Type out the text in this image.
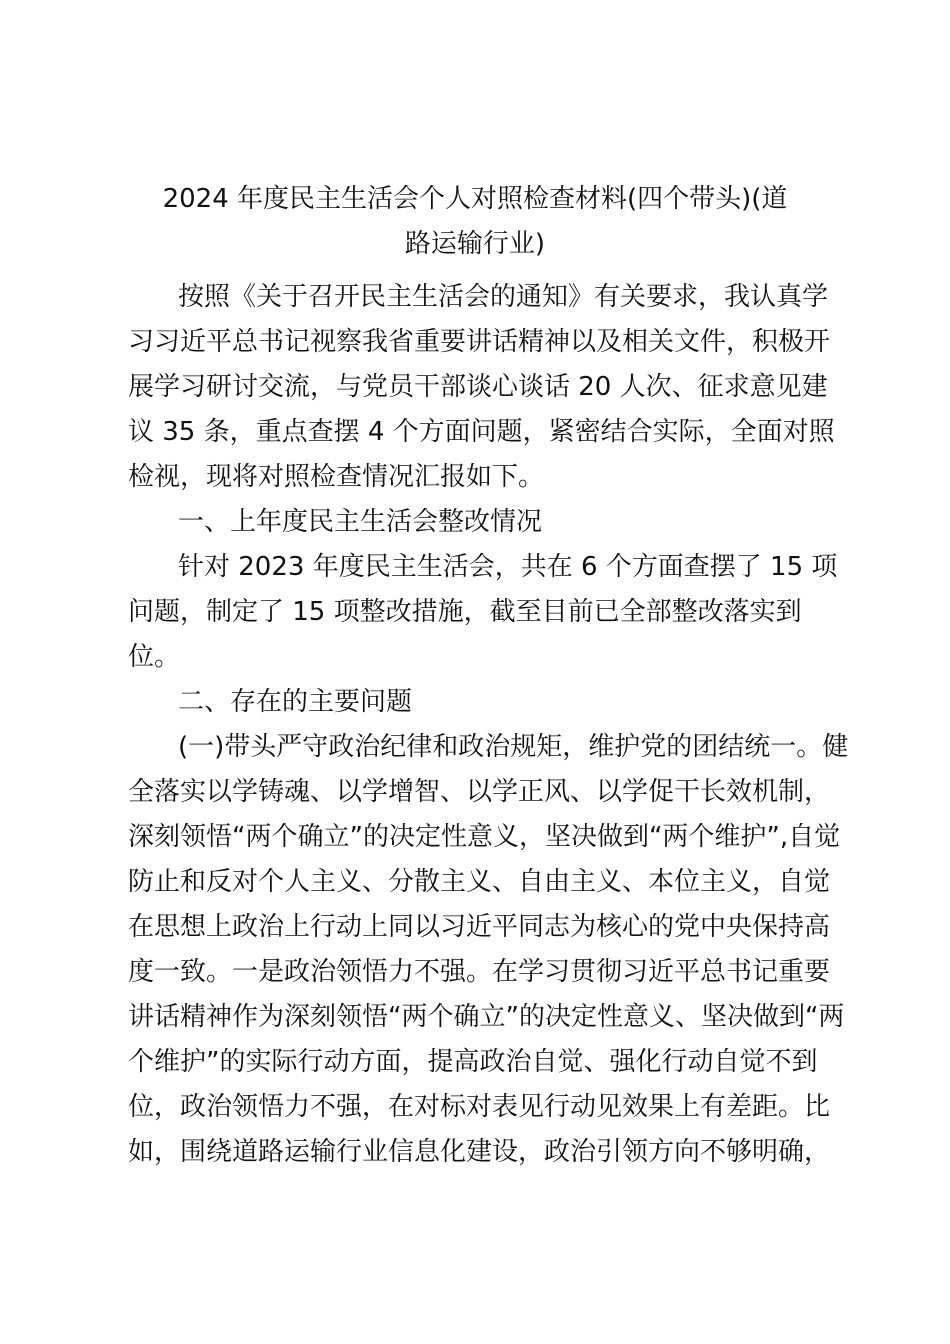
2024 年度民主生活会个人对照检查材料(四个带头)(道
路运输行业)
按照《关于召开民主生活会的通知》有关要求，我认真学
习习近平总书记视察我省重要讲话精神以及相关文件，积极开
展学习研讨交流，与党员干部谈心谈话 20 人次、征求意见建
议 35 条，重点查摆 4 个方面问题，紧密结合实际，全面对照
检视，现将对照检查情况汇报如下。
一、上年度民主生活会整改情况
针对 2023 年度民主生活会，共在 6 个方面查摆了 15 项
问题，制定了 15 项整改措施，截至目前已全部整改落实到
位。
二、存在的主要问题
(一)带头严守政治纪律和政治规矩，维护党的团结统一。健
全落实以学铸魂、以学增智、以学正风、以学促干长效机制，
深刻领悟“两个确立”的决定性意义，坚决做到“两个维护”,自觉
防止和反对个人主义、分散主义、自由主义、本位主义，自觉
在思想上政治上行动上同以习近平同志为核心的党中央保持高
度一致。一是政治领悟力不强。在学习贯彻习近平总书记重要
讲话精神作为深刻领悟“两个确立”的决定性意义、坚决做到“两
个维护”的实际行动方面，提高政治自觉、强化行动自觉不到
位，政治领悟力不强，在对标对表见行动见效果上有差距。比
如，围绕道路运输行业信息化建设，政治引领方向不够明确，
